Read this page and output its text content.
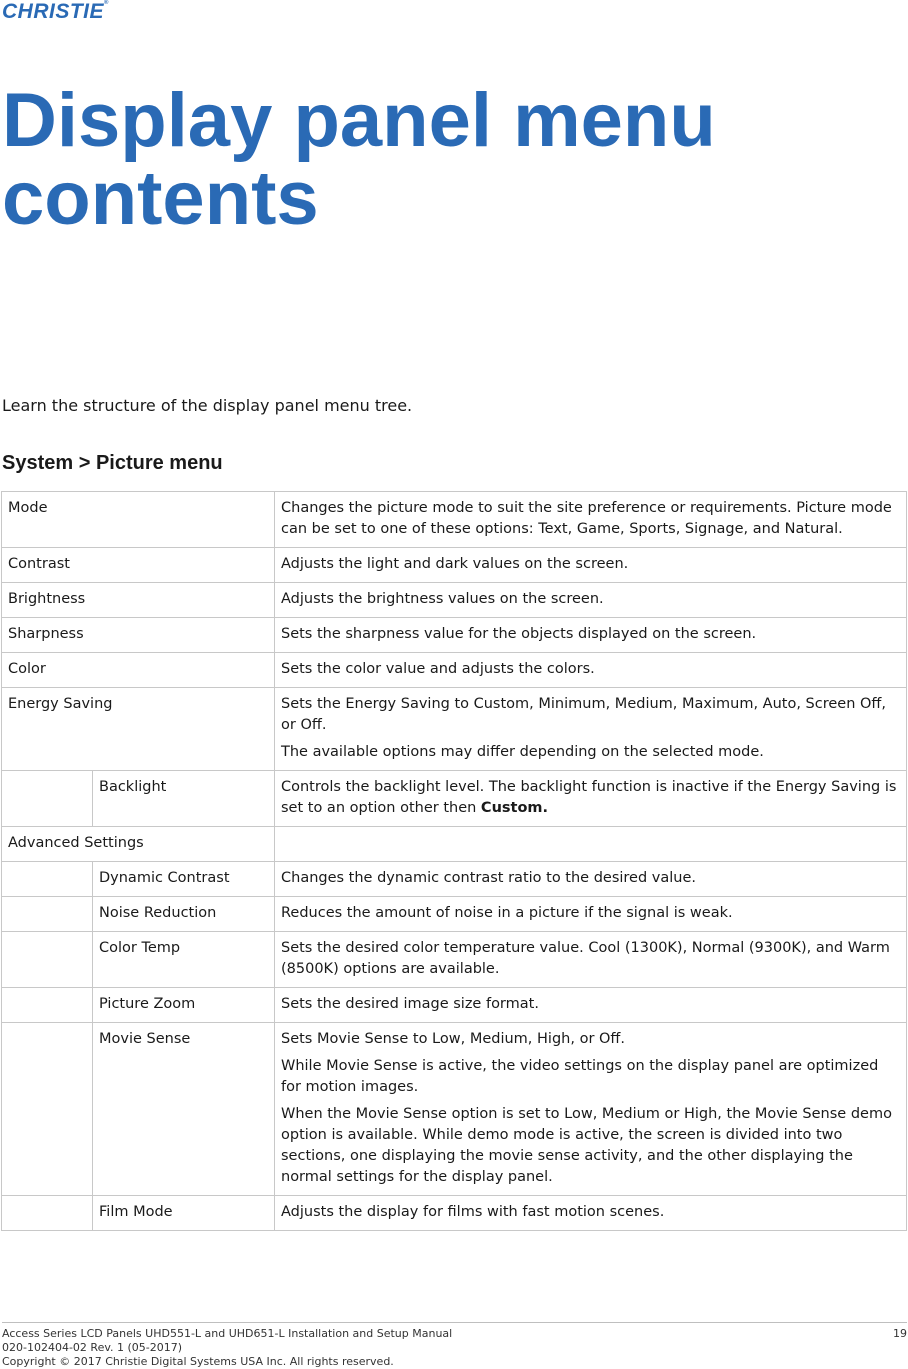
CHRISTIE®
Display panel menu contents

Learn the structure of the display panel menu tree.

System > Picture menu
Mode		Changes the picture mode to suit the site preference or requirements. Picture mode can be set to one of these options: Text, Game, Sports, Signage, and Natural.
Contrast		Adjusts the light and dark values on the screen.
Brightness		Adjusts the brightness values on the screen.
Sharpness		Sets the sharpness value for the objects displayed on the screen.
Color		Sets the color value and adjusts the colors.
Energy Saving		Sets the Energy Saving to Custom, Minimum, Medium, Maximum, Auto, Screen Off, or Off.

The available options may differ depending on the selected mode.

	Backlight	Controls the backlight level. The backlight function is inactive if the Energy Saving is set to an option other then Custom.
Advanced Settings		
	Dynamic Contrast	Changes the dynamic contrast ratio to the desired value.
	Noise Reduction	Reduces the amount of noise in a picture if the signal is weak.
	Color Temp	Sets the desired color temperature value. Cool (1300K), Normal (9300K), and Warm (8500K) options are available.
	Picture Zoom	Sets the desired image size format.
	Movie Sense	Sets Movie Sense to Low, Medium, High, or Off.

While Movie Sense is active, the video settings on the display panel are optimized for motion images.

When the Movie Sense option is set to Low, Medium or High, the Movie Sense demo option is available. While demo mode is active, the screen is divided into two sections, one displaying the movie sense activity, and the other displaying the normal settings for the display panel.

	Film Mode	Adjusts the display for films with fast motion scenes.
Access Series LCD Panels UHD551-L and UHD651-L Installation and Setup Manual
020-102404-02 Rev. 1 (05-2017)
Copyright © 2017 Christie Digital Systems USA Inc. All rights reserved.
19
